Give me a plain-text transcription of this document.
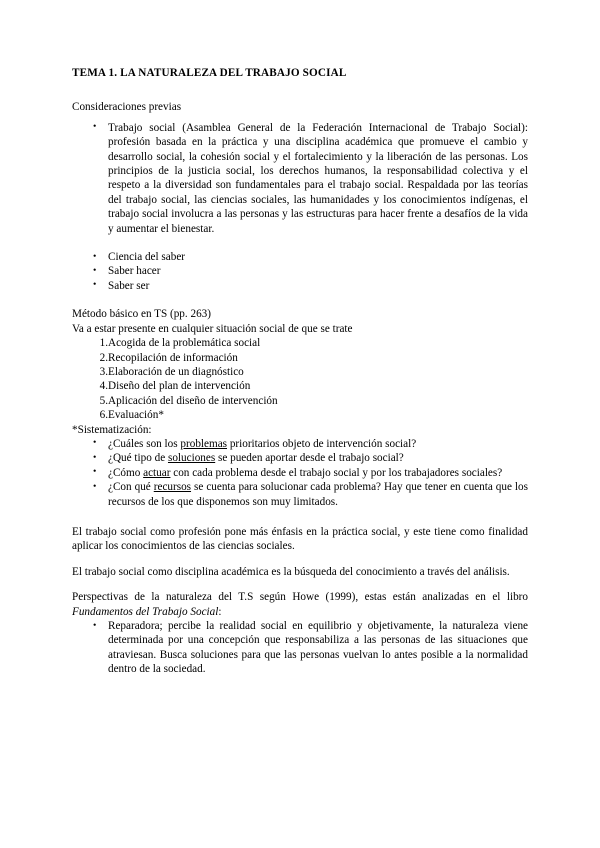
TEMA 1. LA NATURALEZA DEL TRABAJO SOCIAL

Consideraciones previas

• Trabajo social (Asamblea General de la Federación Internacional de Trabajo Social): profesión basada en la práctica y una disciplina académica que promueve el cambio y desarrollo social, la cohesión social y el fortalecimiento y la liberación de las personas. Los principios de la justicia social, los derechos humanos, la responsabilidad colectiva y el respeto a la diversidad son fundamentales para el trabajo social. Respaldada por las teorías del trabajo social, las ciencias sociales, las humanidades y los conocimientos indígenas, el trabajo social involucra a las personas y las estructuras para hacer frente a desafíos de la vida y aumentar el bienestar.
• Ciencia del saber
• Saber hacer
• Saber ser

Método básico en TS (pp. 263)

Va a estar presente en cualquier situación social de que se trate

1. Acogida de la problemática social
2. Recopilación de información
3. Elaboración de un diagnóstico
4. Diseño del plan de intervención
5. Aplicación del diseño de intervención
6. Evaluación*

*Sistematización:

• ¿Cuáles son los problemas prioritarios objeto de intervención social?
• ¿Qué tipo de soluciones se pueden aportar desde el trabajo social?
• ¿Cómo actuar con cada problema desde el trabajo social y por los trabajadores sociales?
• ¿Con qué recursos se cuenta para solucionar cada problema? Hay que tener en cuenta que los recursos de los que disponemos son muy limitados.

El trabajo social como profesión pone más énfasis en la práctica social, y este tiene como finalidad aplicar los conocimientos de las ciencias sociales.

El trabajo social como disciplina académica es la búsqueda del conocimiento a través del análisis.

Perspectivas de la naturaleza del T.S según Howe (1999), estas están analizadas en el libro Fundamentos del Trabajo Social:

• Reparadora; percibe la realidad social en equilibrio y objetivamente, la naturaleza viene determinada por una concepción que responsabiliza a las personas de las situaciones que atraviesan. Busca soluciones para que las personas vuelvan lo antes posible a la normalidad dentro de la sociedad.
